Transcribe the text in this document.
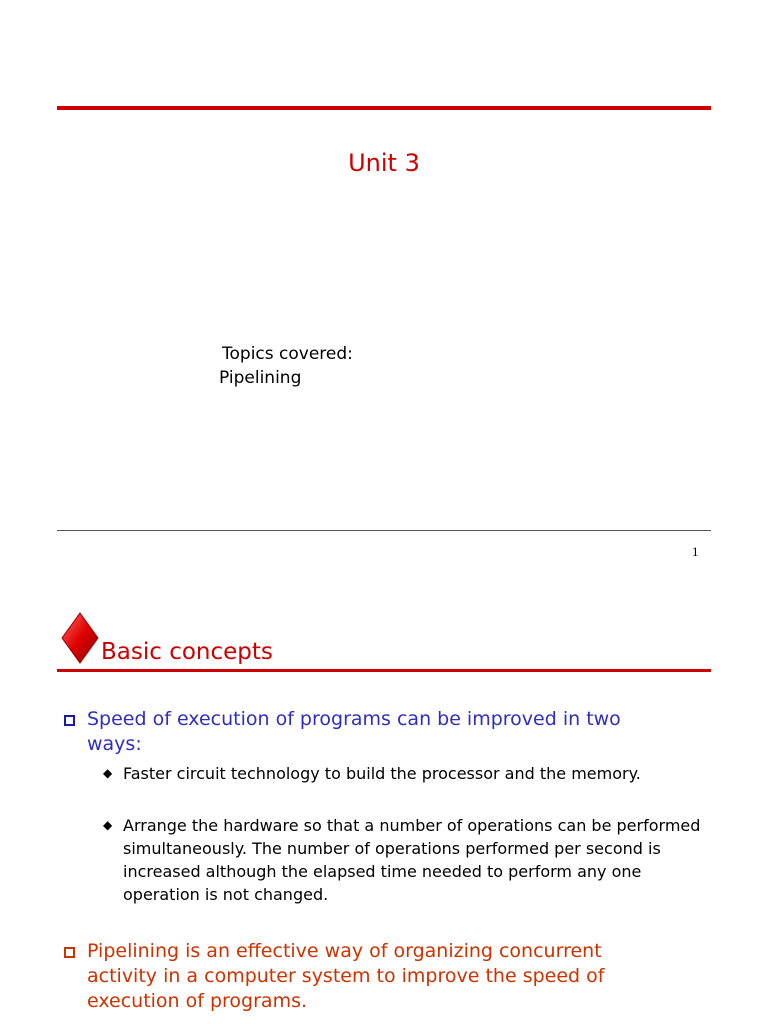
Unit 3
Topics covered:
Pipelining
1
Basic concepts
Speed of execution of programs can be improved in two ways:
◆ Faster circuit technology to build the processor and the memory.
◆ Arrange the hardware so that a number of operations can be performed simultaneously. The number of operations performed per second is increased although the elapsed time needed to perform any one operation is not changed.
Pipelining is an effective way of organizing concurrent activity in a computer system to improve the speed of execution of programs.
